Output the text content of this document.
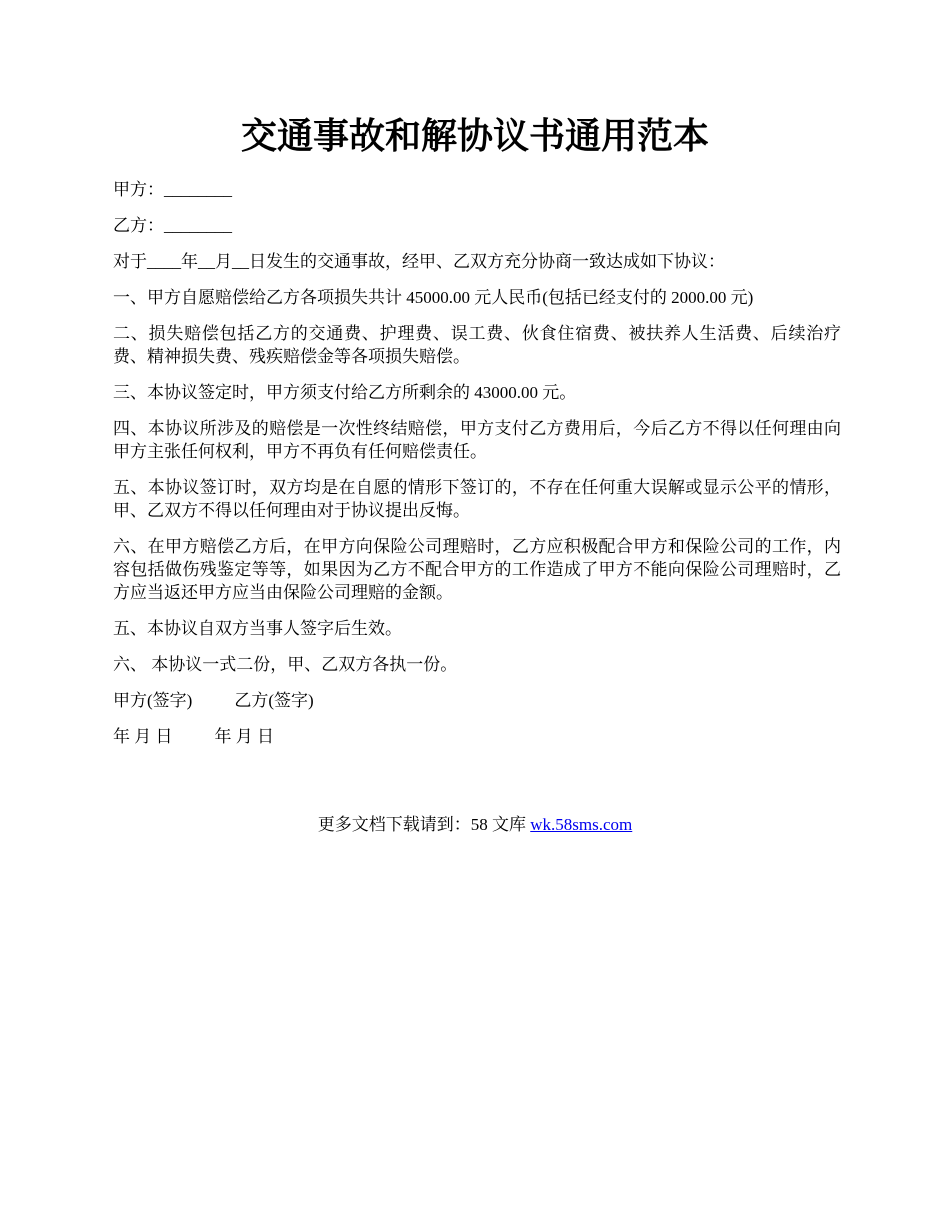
交通事故和解协议书通用范本

甲方：________

乙方：________

对于____年__月__日发生的交通事故，经甲、乙双方充分协商一致达成如下协议：

一、甲方自愿赔偿给乙方各项损失共计 45000.00 元人民币(包括已经支付的 2000.00 元)

二、损失赔偿包括乙方的交通费、护理费、误工费、伙食住宿费、被扶养人生活费、后续治疗费、精神损失费、残疾赔偿金等各项损失赔偿。

三、本协议签定时，甲方须支付给乙方所剩余的 43000.00 元。

四、本协议所涉及的赔偿是一次性终结赔偿，甲方支付乙方费用后，今后乙方不得以任何理由向甲方主张任何权利，甲方不再负有任何赔偿责任。

五、本协议签订时，双方均是在自愿的情形下签订的，不存在任何重大误解或显示公平的情形，甲、乙双方不得以任何理由对于协议提出反悔。

六、在甲方赔偿乙方后，在甲方向保险公司理赔时，乙方应积极配合甲方和保险公司的工作，内容包括做伤残鉴定等等，如果因为乙方不配合甲方的工作造成了甲方不能向保险公司理赔时，乙方应当返还甲方应当由保险公司理赔的金额。

五、本协议自双方当事人签字后生效。

六、 本协议一式二份，甲、乙双方各执一份。

甲方(签字) 乙方(签字)

年 月 日 年 月 日

更多文档下载请到：58 文库 wk.58sms.com
